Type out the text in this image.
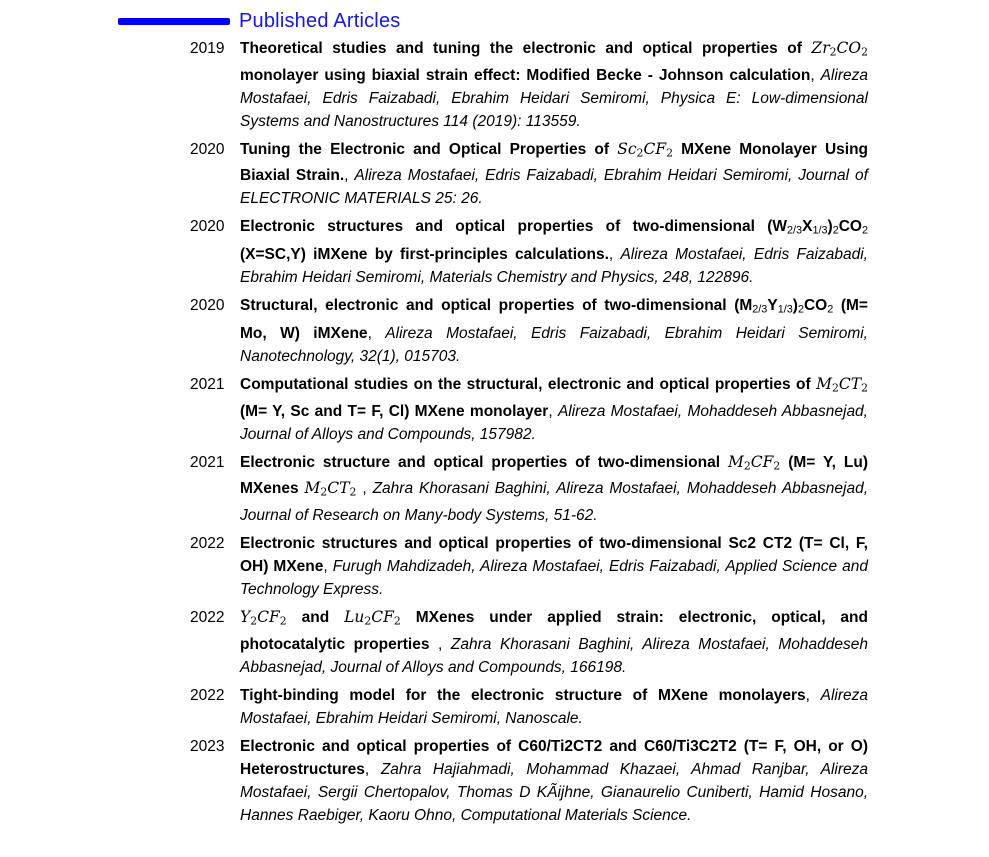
Published Articles
2019	Theoretical studies and tuning the electronic and optical properties of Zr2CO2 monolayer using biaxial strain effect: Modified Becke - Johnson calculation, Alireza Mostafaei, Edris Faizabadi, Ebrahim Heidari Semiromi, Physica E: Low-dimensional Systems and Nanostructures 114 (2019): 113559.
2020	Tuning the Electronic and Optical Properties of Sc2CF2 MXene Monolayer Using Biaxial Strain., Alireza Mostafaei, Edris Faizabadi, Ebrahim Heidari Semiromi, Journal of ELECTRONIC MATERIALS 25: 26.
2020	Electronic structures and optical properties of two-dimensional (W2/3X1/3)2CO2 (X=SC,Y) iMXene by first-principles calculations., Alireza Mostafaei, Edris Faizabadi, Ebrahim Heidari Semiromi, Materials Chemistry and Physics, 248, 122896.
2020	Structural, electronic and optical properties of two-dimensional (M2/3Y1/3)2CO2 (M= Mo, W) iMXene, Alireza Mostafaei, Edris Faizabadi, Ebrahim Heidari Semiromi, Nanotechnology, 32(1), 015703.
2021	Computational studies on the structural, electronic and optical properties of M2CT2 (M= Y, Sc and T= F, Cl) MXene monolayer, Alireza Mostafaei, Mohaddeseh Abbasnejad, Journal of Alloys and Compounds, 157982.
2021	Electronic structure and optical properties of two-dimensional M2CF2 (M= Y, Lu) MXenes M2CT2 , Zahra Khorasani Baghini, Alireza Mostafaei, Mohaddeseh Abbasnejad, Journal of Research on Many-body Systems, 51-62.
2022	Electronic structures and optical properties of two-dimensional Sc2 CT2 (T= Cl, F, OH) MXene, Furugh Mahdizadeh, Alireza Mostafaei, Edris Faizabadi, Applied Science and Technology Express.
2022	Y2CF2 and Lu2CF2 MXenes under applied strain: electronic, optical, and photocatalytic properties , Zahra Khorasani Baghini, Alireza Mostafaei, Mohaddeseh Abbasnejad, Journal of Alloys and Compounds, 166198.
2022	Tight-binding model for the electronic structure of MXene monolayers, Alireza Mostafaei, Ebrahim Heidari Semiromi, Nanoscale.
2023	Electronic and optical properties of C60/Ti2CT2 and C60/Ti3C2T2 (T= F, OH, or O) Heterostructures, Zahra Hajiahmadi, Mohammad Khazaei, Ahmad Ranjbar, Alireza Mostafaei, Sergii Chertopalov, Thomas D KÃijhne, Gianaurelio Cuniberti, Hamid Hosano, Hannes Raebiger, Kaoru Ohno, Computational Materials Science.
